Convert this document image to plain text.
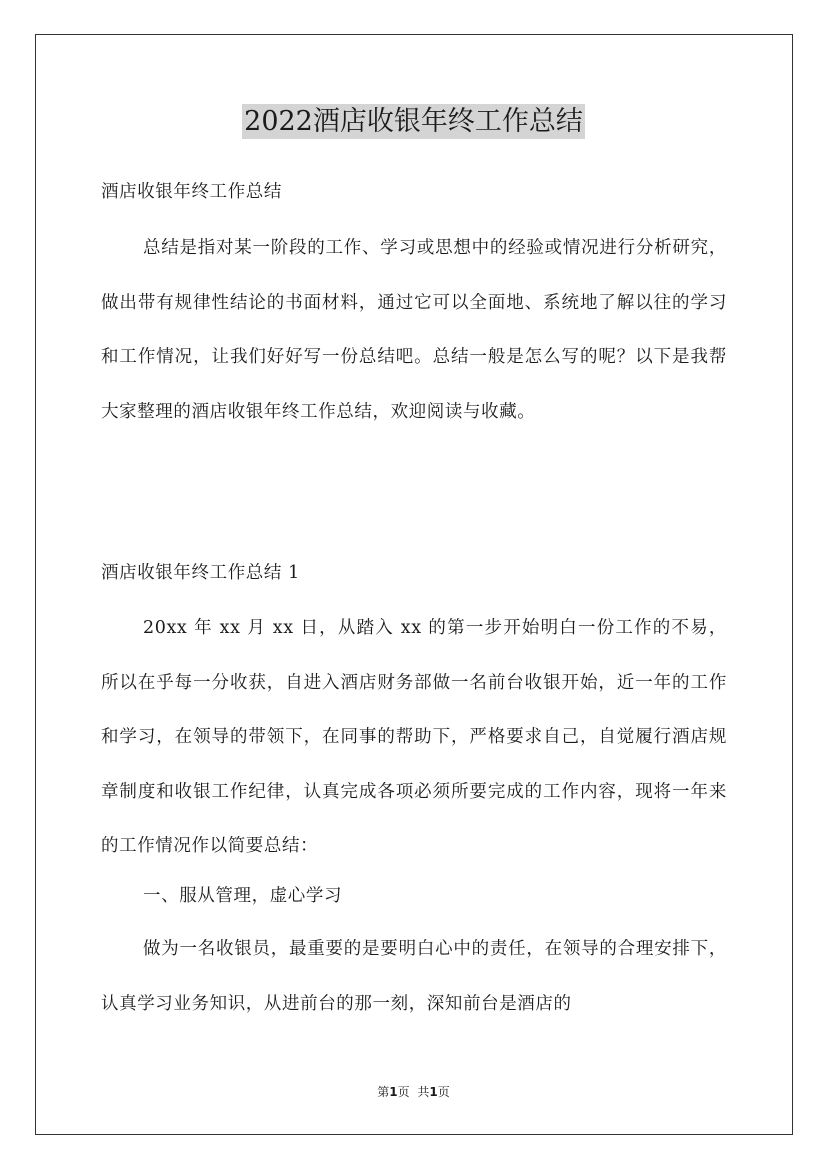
2022酒店收银年终工作总结
酒店收银年终工作总结

总结是指对某一阶段的工作、学习或思想中的经验或情况进行分析研究，做出带有规律性结论的书面材料，通过它可以全面地、系统地了解以往的学习和工作情况，让我们好好写一份总结吧。总结一般是怎么写的呢？以下是我帮大家整理的酒店收银年终工作总结，欢迎阅读与收藏。

酒店收银年终工作总结 1

20xx 年 xx 月 xx 日，从踏入 xx 的第一步开始明白一份工作的不易，所以在乎每一分收获，自进入酒店财务部做一名前台收银开始，近一年的工作和学习，在领导的带领下，在同事的帮助下，严格要求自己，自觉履行酒店规章制度和收银工作纪律，认真完成各项必须所要完成的工作内容，现将一年来的工作情况作以简要总结：

一、服从管理，虚心学习

做为一名收银员，最重要的是要明白心中的责任，在领导的合理安排下，认真学习业务知识，从进前台的那一刻，深知前台是酒店的

第1页 共1页
